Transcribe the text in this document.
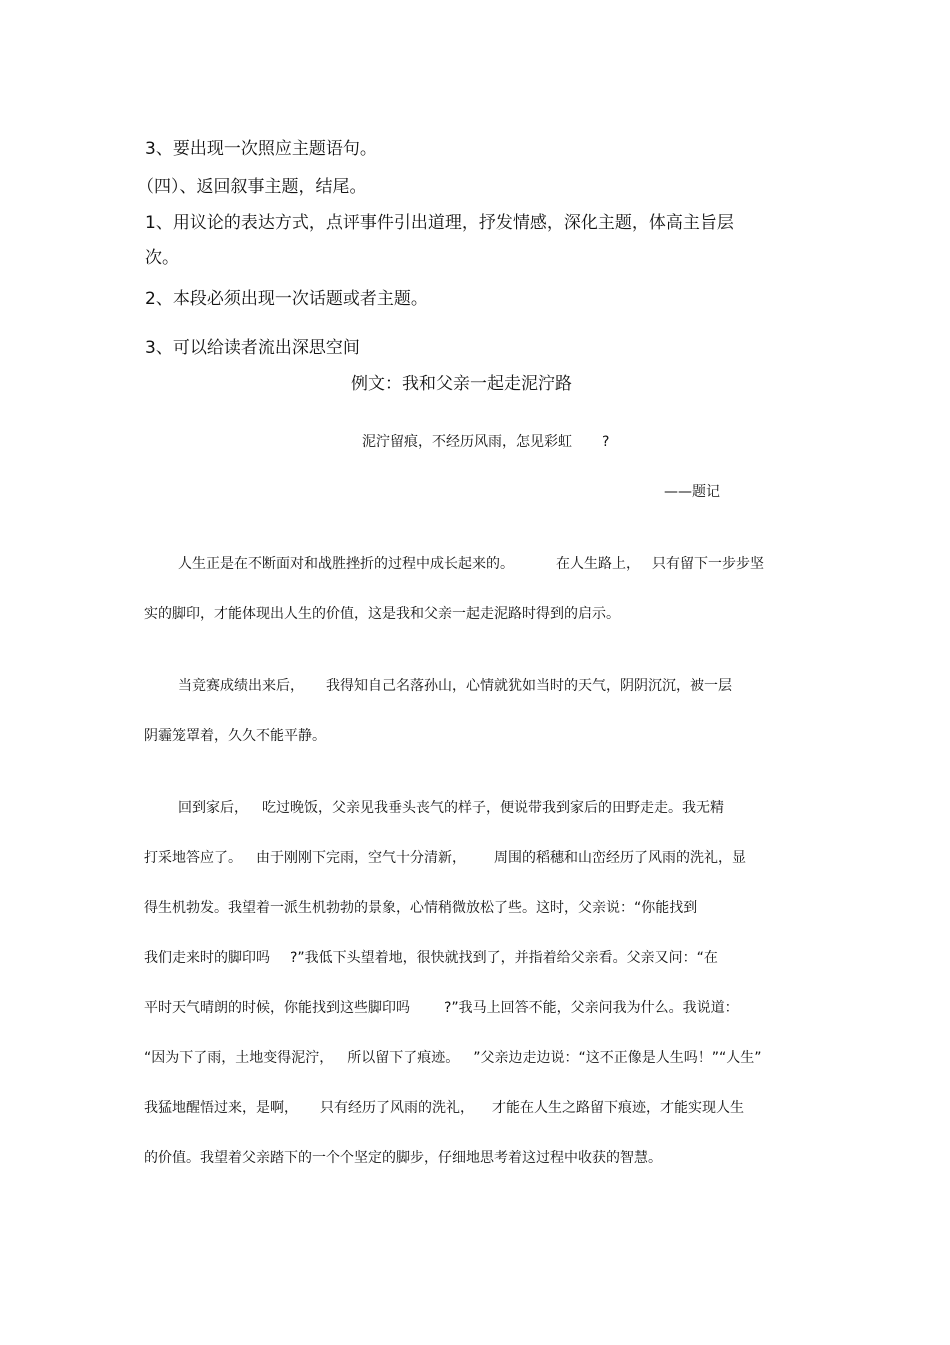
3、要出现一次照应主题语句。

（四）、返回叙事主题，结尾。

1、用议论的表达方式，点评事件引出道理，抒发情感，深化主题，体高主旨层

次。

2、本段必须出现一次话题或者主题。

3、可以给读者流出深思空间

例文：我和父亲一起走泥泞路

泥泞留痕，不经历风雨，怎见彩虹 ?

——题记

人生正是在不断面对和战胜挫折的过程中成长起来的。	在人生路上， 只有留下一步步坚

实的脚印，才能体现出人生的价值，这是我和父亲一起走泥路时得到的启示。

当竞赛成绩出来后， 我得知自己名落孙山，心情就犹如当时的天气，阴阴沉沉，被一层

阴霾笼罩着，久久不能平静。

回到家后， 吃过晚饭，父亲见我垂头丧气的样子，便说带我到家后的田野走走。我无精

打采地答应了。 由于刚刚下完雨，空气十分清新， 周围的稻穗和山峦经历了风雨的洗礼，显

得生机勃发。我望着一派生机勃勃的景象，心情稍微放松了些。这时，父亲说：“你能找到

我们走来时的脚印吗 ?”我低下头望着地，很快就找到了，并指着给父亲看。父亲又问：“在

平时天气晴朗的时候，你能找到这些脚印吗 ?”我马上回答不能，父亲问我为什么。我说道：

“因为下了雨，土地变得泥泞， 所以留下了痕迹。 ”父亲边走边说：“这不正像是人生吗！”“人生”

我猛地醒悟过来，是啊， 只有经历了风雨的洗礼， 才能在人生之路留下痕迹，才能实现人生

的价值。我望着父亲踏下的一个个坚定的脚步，仔细地思考着这过程中收获的智慧。
